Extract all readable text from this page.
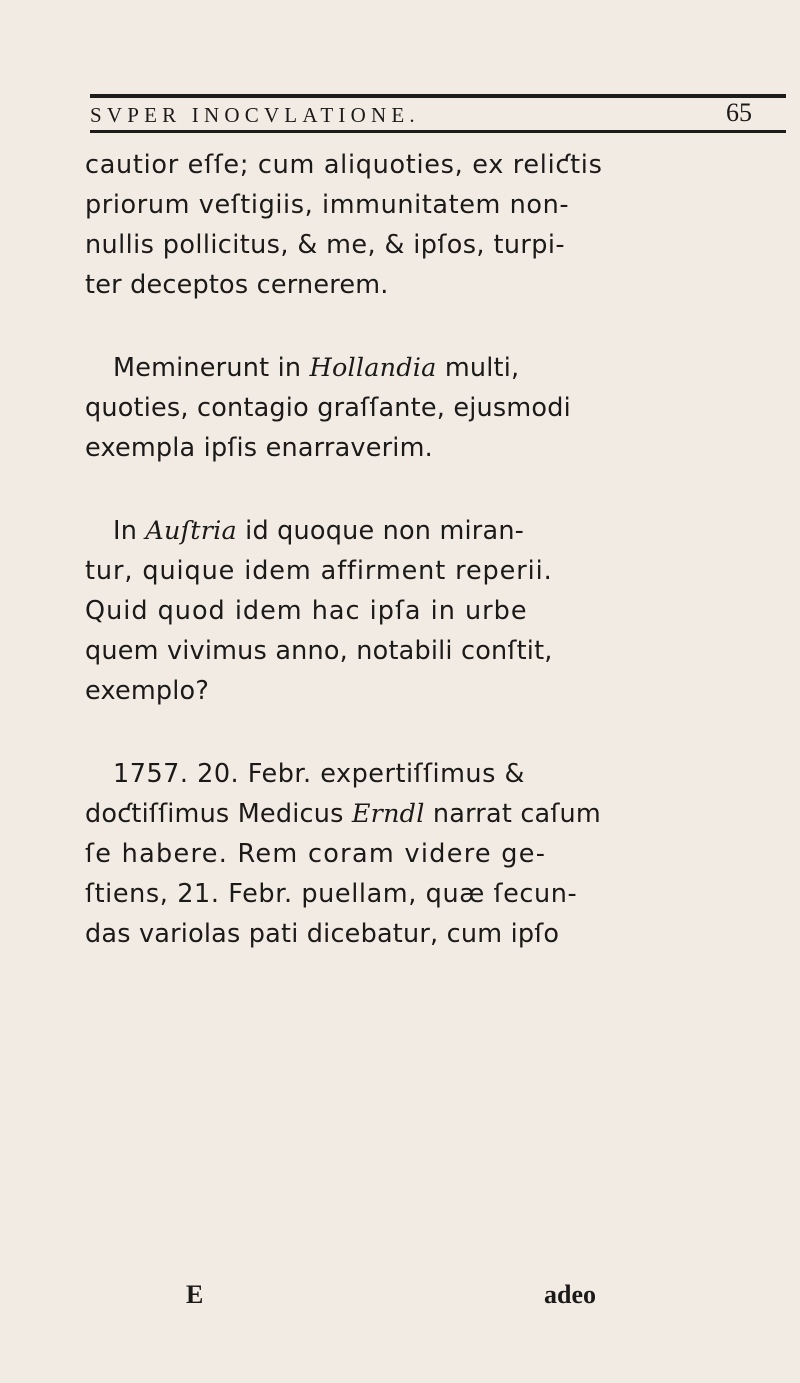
SVPER INOCVLATIONE.	65
cautior eſſe; cum aliquoties, ex reliƈtis
priorum veſtigiis, immunitatem non-
nullis pollicitus, & me, & ipſos, turpi-
ter deceptos cernerem.
Meminerunt in Hollandia multi,
quoties, contagio graſſante, ejusmodi
exempla ipſis enarraverim.
In Auſtria id quoque non miran-
tur, quique idem affirment reperii.
Quid quod idem hac ipſa in urbe
quem vivimus anno, notabili conſtit,
exemplo?
1757. 20. Febr. expertiſſimus &
doƈtiſſimus Medicus Erndl narrat caſum
ſe habere. Rem coram videre ge-
ſtiens, 21. Febr. puellam, quæ ſecun-
das variolas pati dicebatur, cum ipſo
E	adeo
